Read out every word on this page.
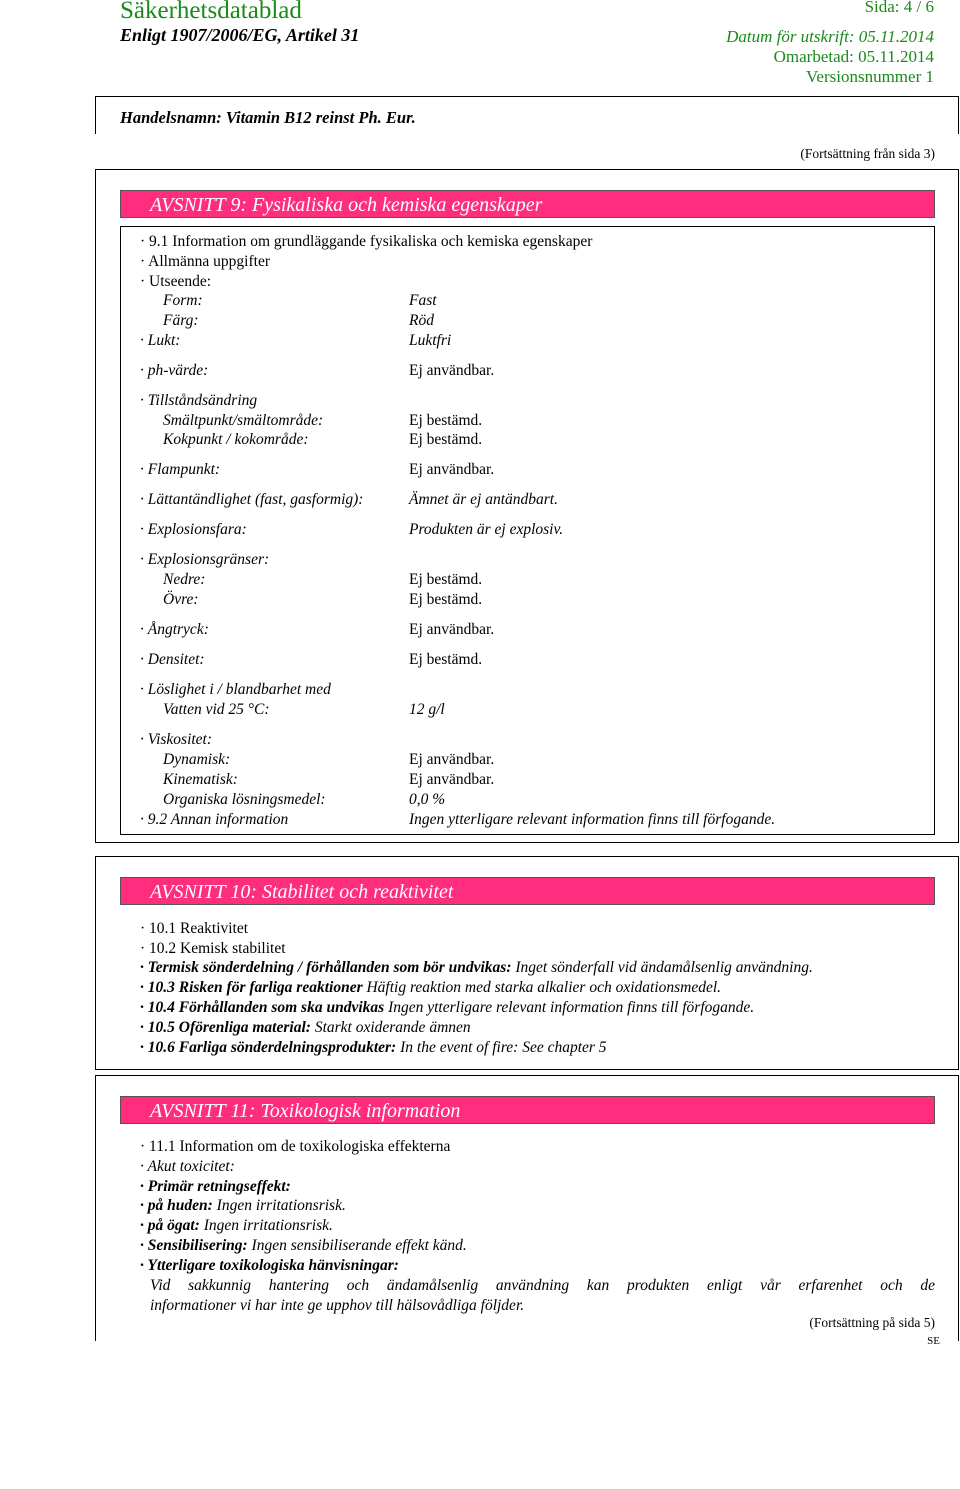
Säkerhetsdatablad	Sida: 4 / 6
Enligt 1907/2006/EG, Artikel 31	Datum för utskrift: 05.11.2014
Omarbetad: 05.11.2014
Versionsnummer 1
Handelsnamn: Vitamin B12 reinst Ph. Eur.
(Fortsättning från sida 3)
AVSNITT 9: Fysikaliska och kemiska egenskaper
· 9.1 Information om grundläggande fysikaliska och kemiska egenskaper
· Allmänna uppgifter
· Utseende:
Form:	Fast
Färg:	Röd
· Lukt:	Luktfri
· ph-värde:	Ej användbar.
· Tillståndsändring
Smältpunkt/smältområde:	Ej bestämd.
Kokpunkt / kokområde:	Ej bestämd.
· Flampunkt:	Ej användbar.
· Lättantändlighet (fast, gasformig):	Ämnet är ej antändbart.
· Explosionsfara:	Produkten är ej explosiv.
· Explosionsgränser:
Nedre:	Ej bestämd.
Övre:	Ej bestämd.
· Ångtryck:	Ej användbar.
· Densitet:	Ej bestämd.
· Löslighet i / blandbarhet med
Vatten vid 25 °C:	12 g/l
· Viskositet:
Dynamisk:	Ej användbar.
Kinematisk:	Ej användbar.
Organiska lösningsmedel:	0,0 %
· 9.2 Annan information	Ingen ytterligare relevant information finns till förfogande.
AVSNITT 10: Stabilitet och reaktivitet
· 10.1 Reaktivitet
· 10.2 Kemisk stabilitet
· Termisk sönderdelning / förhållanden som bör undvikas: Inget sönderfall vid ändamålsenlig användning.
· 10.3 Risken för farliga reaktioner Häftig reaktion med starka alkalier och oxidationsmedel.
· 10.4 Förhållanden som ska undvikas Ingen ytterligare relevant information finns till förfogande.
· 10.5 Oförenliga material: Starkt oxiderande ämnen
· 10.6 Farliga sönderdelningsprodukter: In the event of fire: See chapter 5
AVSNITT 11: Toxikologisk information
· 11.1 Information om de toxikologiska effekterna
· Akut toxicitet:
· Primär retningseffekt:
· på huden: Ingen irritationsrisk.
· på ögat: Ingen irritationsrisk.
· Sensibilisering: Ingen sensibiliserande effekt känd.
· Ytterligare toxikologiska hänvisningar:
Vid sakkunnig hantering och ändamålsenlig användning kan produkten enligt vår erfarenhet och de
informationer vi har inte ge upphov till hälsovådliga följder.
(Fortsättning på sida 5)
SE
